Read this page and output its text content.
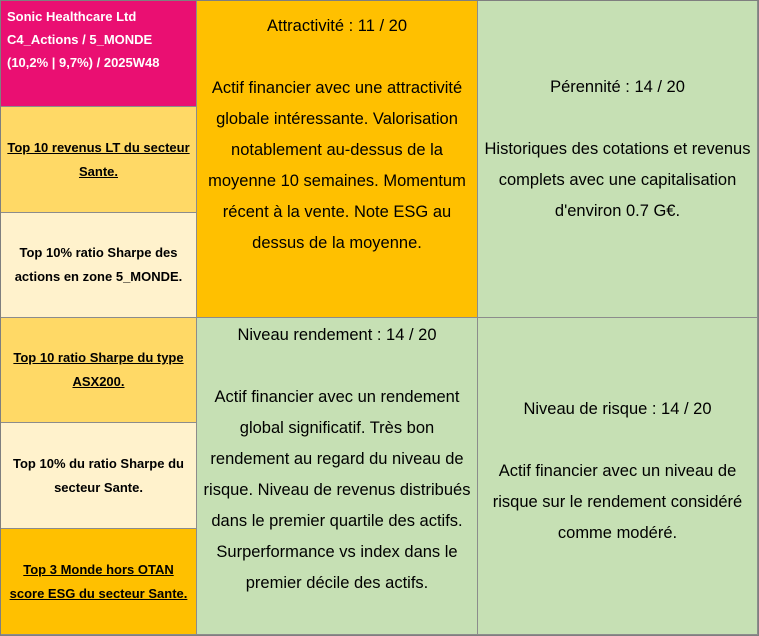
Sonic Healthcare Ltd
C4_Actions / 5_MONDE
(10,2% | 9,7%) / 2025W48
Top 10 revenus LT du secteur Sante.
Top 10% ratio Sharpe des actions en zone 5_MONDE.
Top 10 ratio Sharpe du type ASX200.
Top 10% du ratio Sharpe du secteur Sante.
Top 3 Monde hors OTAN score ESG du secteur Sante.
Attractivité : 11 / 20
Actif financier avec une attractivité globale intéressante. Valorisation notablement au-dessus de la moyenne 10 semaines. Momentum récent à la vente. Note ESG au dessus de la moyenne.
Pérennité : 14 / 20
Historiques des cotations et revenus complets avec une capitalisation d'environ 0.7 G€.
Niveau rendement : 14 / 20
Actif financier avec un rendement global significatif. Très bon rendement au regard du niveau de risque. Niveau de revenus distribués dans le premier quartile des actifs. Surperformance vs index dans le premier décile des actifs.
Niveau de risque : 14 / 20
Actif financier avec un niveau de risque sur le rendement considéré comme modéré.
